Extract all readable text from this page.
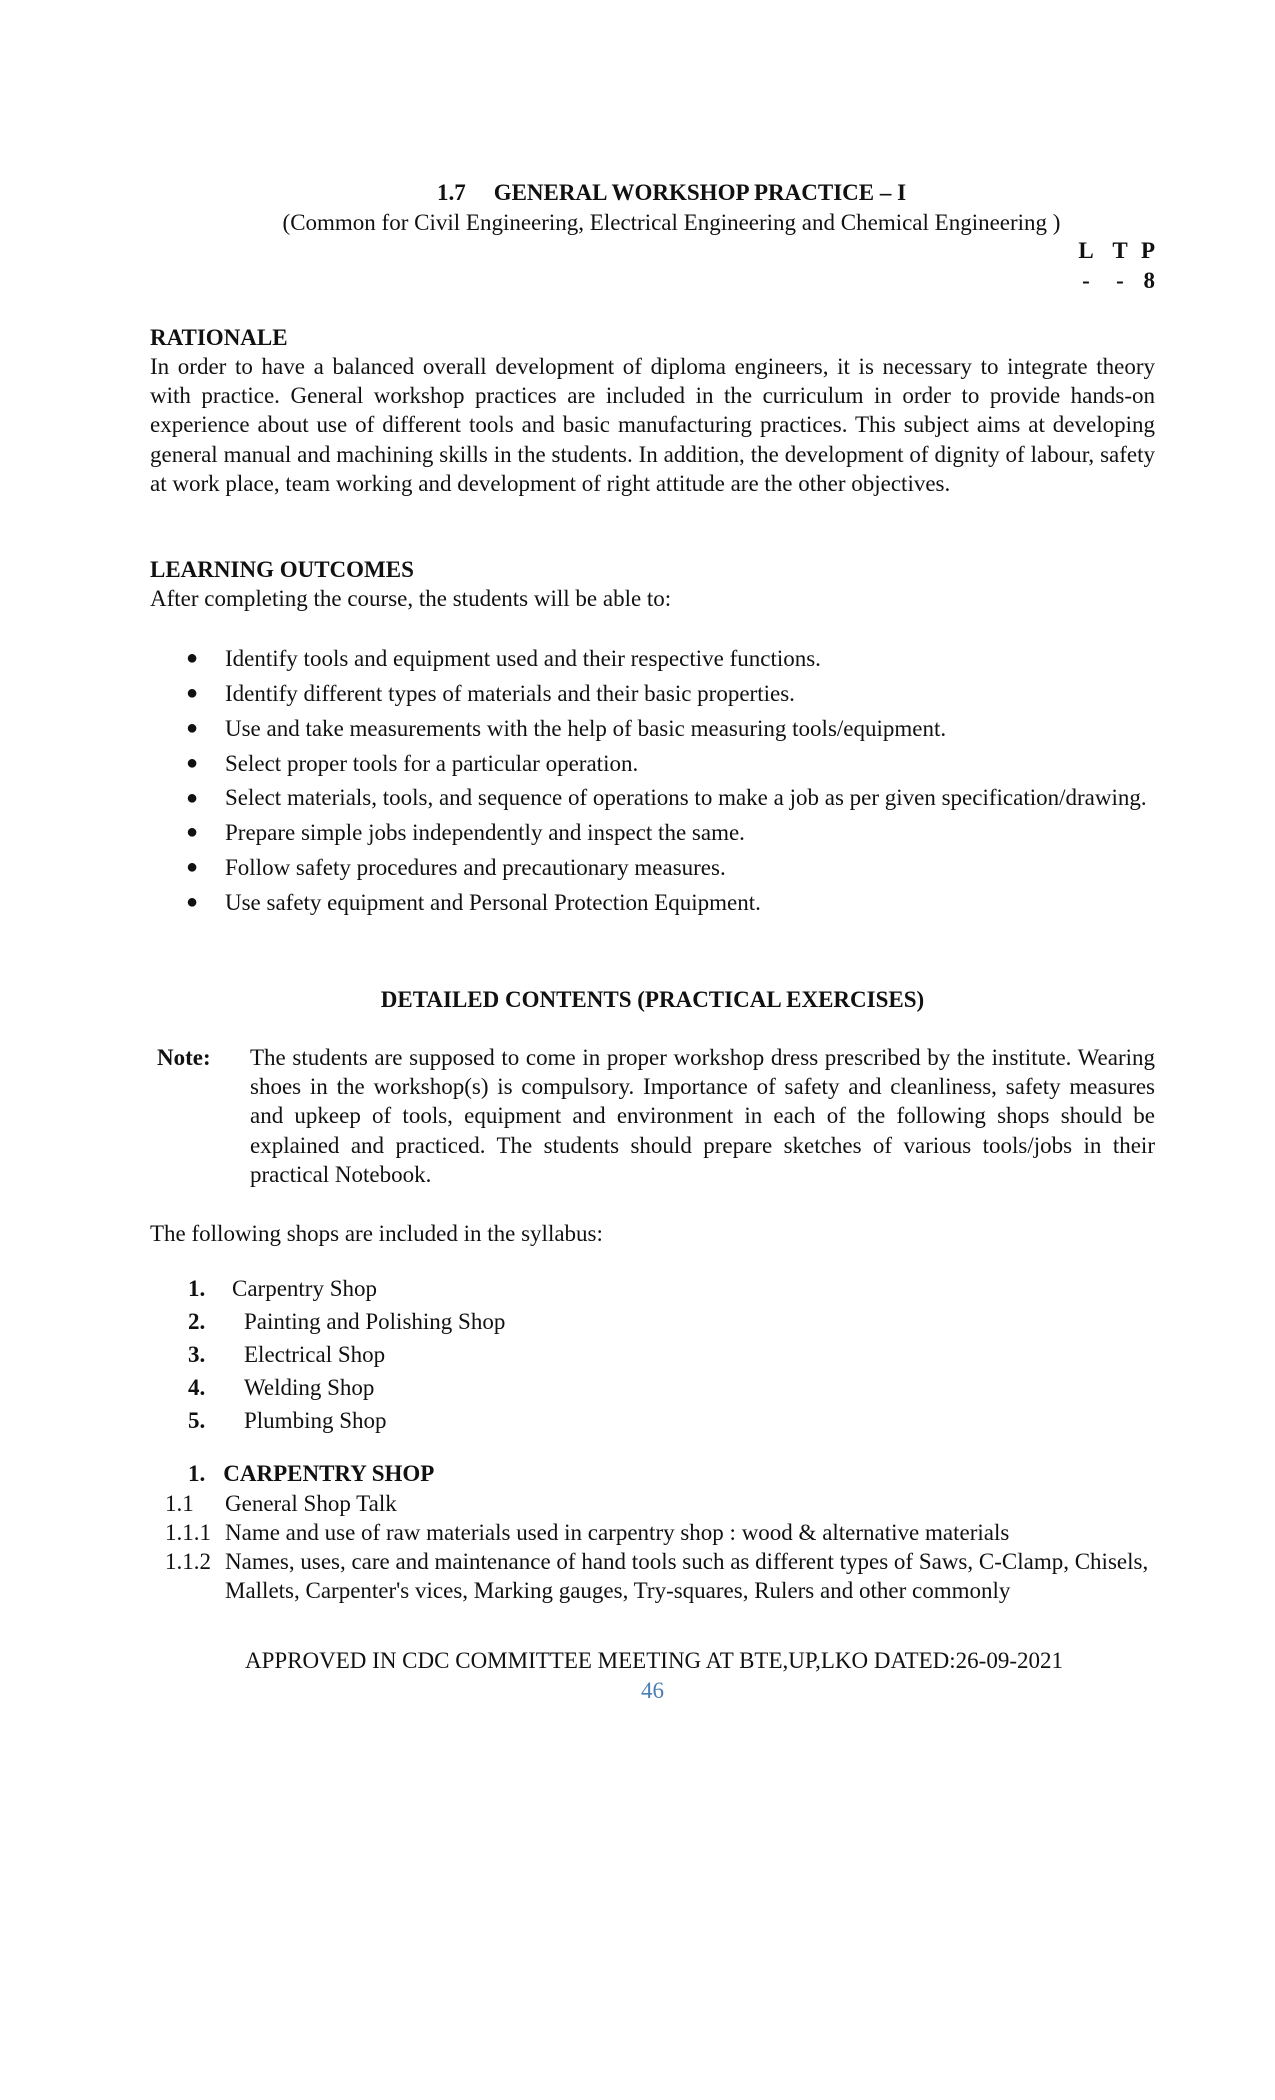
1.7 GENERAL WORKSHOP PRACTICE – I
(Common for Civil Engineering, Electrical Engineering and Chemical Engineering )
L T P
- - 8
RATIONALE
In order to have a balanced overall development of diploma engineers, it is necessary to integrate theory with practice. General workshop practices are included in the curriculum in order to provide hands-on experience about use of different tools and basic manufacturing practices. This subject aims at developing general manual and machining skills in the students. In addition, the development of dignity of labour, safety at work place, team working and development of right attitude are the other objectives.
LEARNING OUTCOMES
After completing the course, the students will be able to:
● Identify tools and equipment used and their respective functions.
● Identify different types of materials and their basic properties.
● Use and take measurements with the help of basic measuring tools/equipment.
● Select proper tools for a particular operation.
● Select materials, tools, and sequence of operations to make a job as per given specification/drawing.
● Prepare simple jobs independently and inspect the same.
● Follow safety procedures and precautionary measures.
● Use safety equipment and Personal Protection Equipment.
DETAILED CONTENTS (PRACTICAL EXERCISES)
Note:	The students are supposed to come in proper workshop dress prescribed by the institute. Wearing shoes in the workshop(s) is compulsory. Importance of safety and cleanliness, safety measures and upkeep of tools, equipment and environment in each of the following shops should be explained and practiced. The students should prepare sketches of various tools/jobs in their practical Notebook.
The following shops are included in the syllabus:
1. Carpentry Shop
2. Painting and Polishing Shop
3. Electrical Shop
4. Welding Shop
5. Plumbing Shop
1. CARPENTRY SHOP
1.1	General Shop Talk
1.1.1 Name and use of raw materials used in carpentry shop : wood & alternative materials
1.1.2 Names, uses, care and maintenance of hand tools such as different types of Saws, C-Clamp, Chisels, Mallets, Carpenter's vices, Marking gauges, Try-squares, Rulers and other commonly
APPROVED IN CDC COMMITTEE MEETING AT BTE,UP,LKO DATED:26-09-2021
46
